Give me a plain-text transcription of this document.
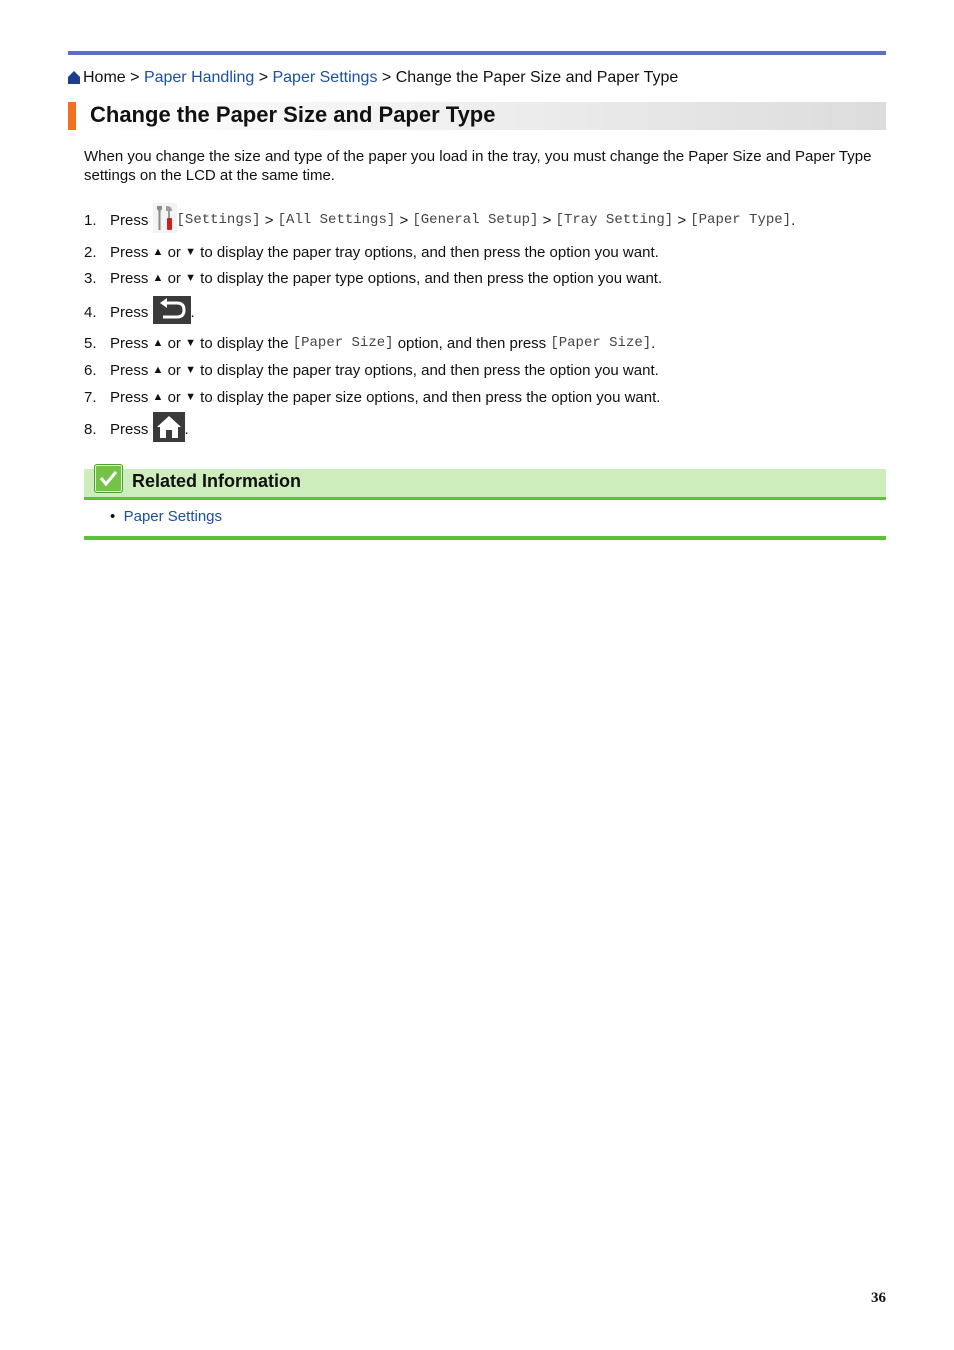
Home > Paper Handling > Paper Settings > Change the Paper Size and Paper Type
Change the Paper Size and Paper Type

When you change the size and type of the paper you load in the tray, you must change the Paper Size and Paper Type settings on the LCD at the same time.

1. Press
[Settings]
>
[All Settings]
>
[General Setup]
>
[Tray Setting]
>
[Paper Type] .
2. Press
▲
or
▼
to display the paper tray options, and then press the option you want.
3. Press
▲
or
▼
to display the paper type options, and then press the option you want.
4. Press
	.
5. Press
▲
or
▼
to display the
[Paper Size]
option, and then press
[Paper Size] .
6. Press
▲
or
▼
to display the paper tray options, and then press the option you want.
7. Press
▲
or
▼
to display the paper size options, and then press the option you want.
8. Press
.
Related Information
• Paper Settings
36
